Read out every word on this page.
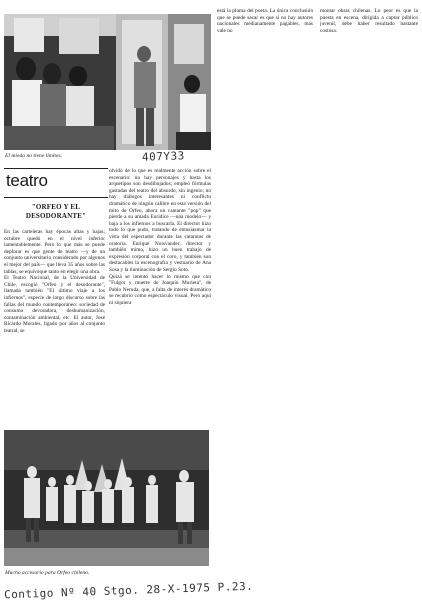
El miedo no tiene límites.	407Y33
teatro
"ORFEO Y EL DESODORANTE"
En las carteleras hay épocas altas y bajas; octubre quedó en el nivel inferior lamentablemente. Pero lo que más se puede deplorar es que gente de teatro —y de un conjunto universitario considerado por algunos el mejor del país— que lleva 35 años sobre las tablas, se equivoque tanto en elegir una obra.
El Teatro Nacional, de la Universidad de Chile, escogió "Orfeo y el desodorante", llamada también "El último viaje a los infiernos", especie de largo discurso sobre las fallas del mundo contemporáneo: sociedad de consumo devoradora, deshumanización, contaminación ambiental, etc. El autor, José Ricardo Morales, ligado por años al conjunto teatral, se
olvidó de lo que es realmente acción sobre el escenario: no hay personajes y hasta los arquetipos son desdibujados; empleó fórmulas gastadas del teatro del absurdo, sin ingenio; no hay diálogos interesantes ni conflicto dramático de ningún calibre en esta versión del mito de Orfeo, ahora un cantante "pop" que pierde a su amada Eurídice —una modelo— y baja a los infiernos a buscarla. El director hizo todo lo que pudo, tratando de entusiasmar la vista del espectador durante las cataratas de oratoria. Enrique Noisvander, director y también mimo, hizo un buen trabajo de expresión corporal con el coro, y también son destacables la escenografía y vestuario de Ana Sosa y la iluminación de Sergio Soto.
Quizá se intentó hacer lo mismo que con "Fulgor y muerte de Joaquín Murieta", de Pablo Neruda, que, a falta de interés dramático se recubrió como espectáculo visual. Pero aquí ni siquiera
está la pluma del poeta. La única conclusión que se puede sacar es que si no hay autores nacionales medianamente pagables, más vale no
montar obras chilenas. Lo peor es que la puesta en escena, dirigida a captar público juvenil, debe haber resultado bastante costosa.
Mucho accesorio para Orfeo chileno.
Contigo Nº 40 Stgo. 28-X-1975 P.23.
